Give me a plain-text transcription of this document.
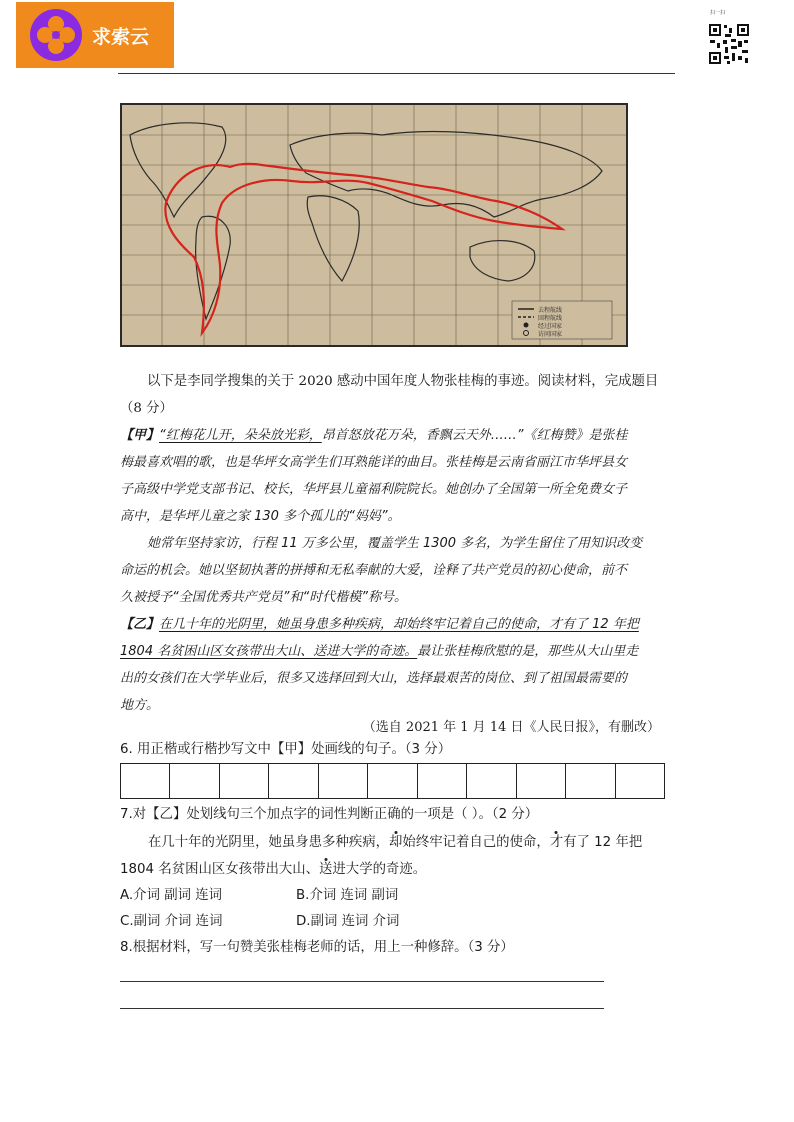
求索云
扫一扫
去程航线
回程航线
经过国家
访问国家
以下是李同学搜集的关于 2020 感动中国年度人物张桂梅的事迹。阅读材料，完成题目
（8 分）
【甲】“红梅花儿开，朵朵放光彩，昂首怒放花万朵，香飘云天外……”《红梅赞》是张桂
梅最喜欢唱的歌，也是华坪女高学生们耳熟能详的曲目。张桂梅是云南省丽江市华坪县女
子高级中学党支部书记、校长，华坪县儿童福利院院长。她创办了全国第一所全免费女子
高中，是华坪儿童之家 130 多个孤儿的“妈妈”。
她常年坚持家访，行程 11 万多公里，覆盖学生 1300 多名，为学生留住了用知识改变
命运的机会。她以坚韧执著的拼搏和无私奉献的大爱，诠释了共产党员的初心使命，前不
久被授予“全国优秀共产党员”和“时代楷模”称号。
【乙】在几十年的光阴里，她虽身患多种疾病，却始终牢记着自己的使命，才有了 12 年把
1804 名贫困山区女孩带出大山、送进大学的奇迹。最让张桂梅欣慰的是，那些从大山里走
出的女孩们在大学毕业后，很多又选择回到大山，选择最艰苦的岗位、到了祖国最需要的
地方。
（选自 2021 年 1 月 14 日《人民日报》，有删改）
6. 用正楷或行楷抄写文中【甲】处画线的句子。（3 分）
7.对【乙】处划线句三个加点字的词性判断正确的一项是（ ）。（2 分）
在几十年的光阴里，她虽身患多种疾病，却始终牢记着自己的使命，才有了 12 年把
1804 名贫困山区女孩带出大山、送进大学的奇迹。
A.介词 副词 连词	B.介词 连词 副词
C.副词 介词 连词	D.副词 连词 介词
8.根据材料，写一句赞美张桂梅老师的话，用上一种修辞。（3 分）
